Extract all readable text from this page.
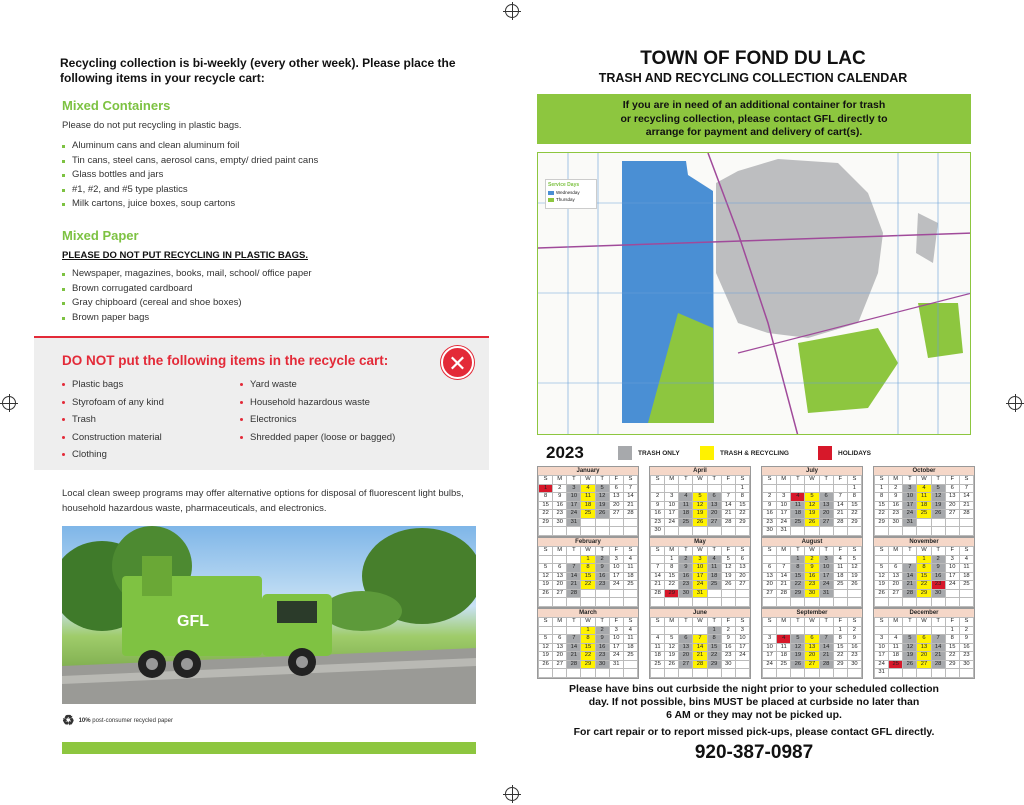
Recycling collection is bi-weekly (every other week). Please place the following items in your recycle cart:
Mixed Containers
Please do not put recycling in plastic bags.
Aluminum cans and clean aluminum foil
Tin cans, steel cans, aerosol cans, empty/ dried paint cans
Glass bottles and jars
#1, #2, and #5 type plastics
Milk cartons, juice boxes, soup cartons
Mixed Paper
PLEASE DO NOT PUT RECYCLING IN PLASTIC BAGS.
Newspaper, magazines, books, mail, school/ office paper
Brown corrugated cardboard
Gray chipboard (cereal and shoe boxes)
Brown paper bags
DO NOT put the following items in the recycle cart:	✕
Plastic bags
Styrofoam of any kind
Trash
Construction material
Clothing
Yard waste
Household hazardous waste
Electronics
Shredded paper (loose or bagged)
Local clean sweep programs may offer alternative options for disposal of fluorescent light bulbs, household hazardous waste, pharmaceuticals, and electronics.
GFL
♻ 10% post-consumer recycled paper
TOWN OF FOND DU LAC
TRASH AND RECYCLING COLLECTION CALENDAR
If you are in need of an additional container for trash
or recycling collection, please contact GFL directly to
arrange for payment and delivery of cart(s).
Service Days
Wednesday
Thursday
2023	TRASH ONLY	TRASH & RECYCLING	HOLIDAYS
January
S	M	T	W	T	F	S
1	2	3	4	5	6	7
8	9	10	11	12	13	14
15	16	17	18	19	20	21
22	23	24	25	26	27	28
29	30	31				

February
S	M	T	W	T	F	S
			1	2	3	4
5	6	7	8	9	10	11
12	13	14	15	16	17	18
19	20	21	22	23	24	25
26	27	28				

March
S	M	T	W	T	F	S
			1	2	3	4
5	6	7	8	9	10	11
12	13	14	15	16	17	18
19	20	21	22	23	24	25
26	27	28	29	30	31	

April
S	M	T	W	T	F	S
						1
2	3	4	5	6	7	8
9	10	11	12	13	14	15
16	17	18	19	20	21	22
23	24	25	26	27	28	29
30						
May
S	M	T	W	T	F	S
	1	2	3	4	5	6
7	8	9	10	11	12	13
14	15	16	17	18	19	20
21	22	23	24	25	26	27
28	29	30	31			

June
S	M	T	W	T	F	S
				1	2	3
4	5	6	7	8	9	10
11	12	13	14	15	16	17
18	19	20	21	22	23	24
25	26	27	28	29	30	

July
S	M	T	W	T	F	S
						1
2	3	4	5	6	7	8
9	10	11	12	13	14	15
16	17	18	19	20	21	22
23	24	25	26	27	28	29
30	31					
August
S	M	T	W	T	F	S
		1	2	3	4	5
6	7	8	9	10	11	12
13	14	15	16	17	18	19
20	21	22	23	24	25	26
27	28	29	30	31		

September
S	M	T	W	T	F	S
					1	2
3	4	5	6	7	8	9
10	11	12	13	14	15	16
17	18	19	20	21	22	23
24	25	26	27	28	29	30

October
S	M	T	W	T	F	S
1	2	3	4	5	6	7
8	9	10	11	12	13	14
15	16	17	18	19	20	21
22	23	24	25	26	27	28
29	30	31				

November
S	M	T	W	T	F	S
			1	2	3	4
5	6	7	8	9	10	11
12	13	14	15	16	17	18
19	20	21	22	23	24	25
26	27	28	29	30		

December
S	M	T	W	T	F	S
					1	2
3	4	5	6	7	8	9
10	11	12	13	14	15	16
17	18	19	20	21	22	23
24	25	26	27	28	29	30
31						
Please have bins out curbside the night prior to your scheduled collection
day. If not possible, bins MUST be placed at curbside no later than
6 AM or they may not be picked up.
For cart repair or to report missed pick-ups, please contact GFL directly.
920-387-0987
